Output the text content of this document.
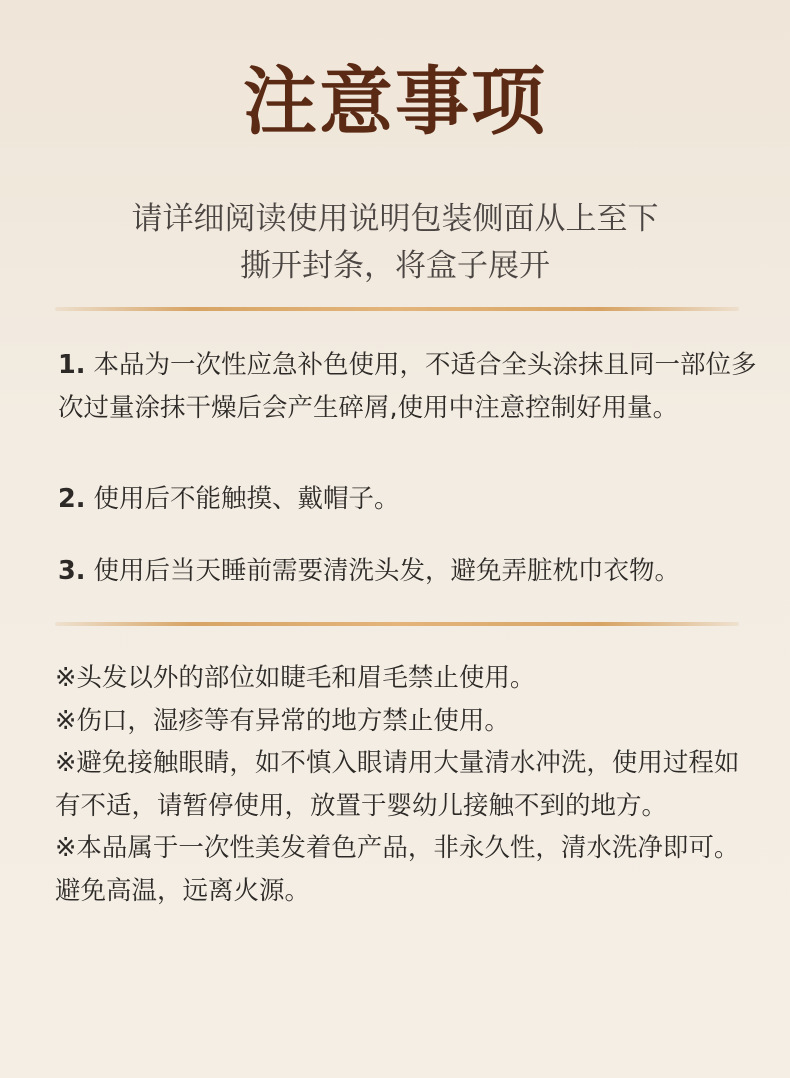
注意事项
请详细阅读使用说明包装侧面从上至下
撕开封条，将盒子展开
1. 本品为一次性应急补色使用，不适合全头涂抹且同一部位多次过量涂抹干燥后会产生碎屑,使用中注意控制好用量。
2. 使用后不能触摸、戴帽子。
3. 使用后当天睡前需要清洗头发，避免弄脏枕巾衣物。
※头发以外的部位如睫毛和眉毛禁止使用。
※伤口，湿疹等有异常的地方禁止使用。
※避免接触眼睛，如不慎入眼请用大量清水冲洗，使用过程如有不适，请暂停使用，放置于婴幼儿接触不到的地方。
※本品属于一次性美发着色产品，非永久性，清水洗净即可。避免高温，远离火源。
